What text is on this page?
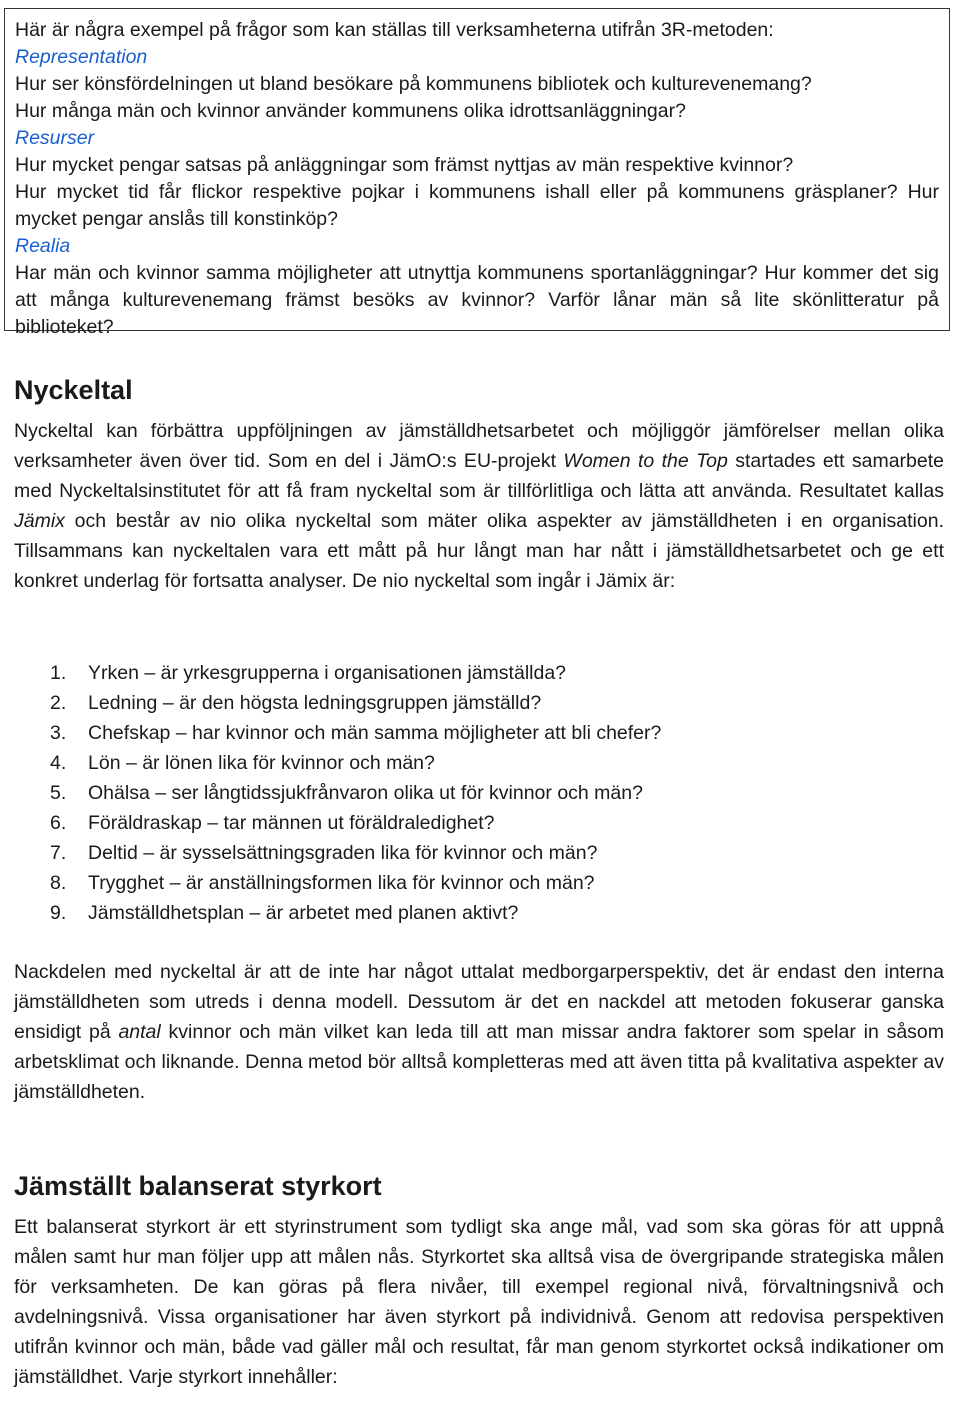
Här är några exempel på frågor som kan ställas till verksamheterna utifrån 3R-metoden:

Representation

Hur ser könsfördelningen ut bland besökare på kommunens bibliotek och kulturevenemang?

Hur många män och kvinnor använder kommunens olika idrottsanläggningar?

Resurser

Hur mycket pengar satsas på anläggningar som främst nyttjas av män respektive kvinnor?

Hur mycket tid får flickor respektive pojkar i kommunens ishall eller på kommunens gräsplaner? Hur mycket pengar anslås till konstinköp?

Realia

Har män och kvinnor samma möjligheter att utnyttja kommunens sportanläggningar? Hur kommer det sig att många kulturevenemang främst besöks av kvinnor? Varför lånar män så lite skönlitteratur på biblioteket?

Nyckeltal

Nyckeltal kan förbättra uppföljningen av jämställdhetsarbetet och möjliggör jämförelser mellan olika verksamheter även över tid. Som en del i JämO:s EU-projekt Women to the Top startades ett samarbete med Nyckeltalsinstitutet för att få fram nyckeltal som är tillförlitliga och lätta att använda. Resultatet kallas Jämix och består av nio olika nyckeltal som mäter olika aspekter av jämställdheten i en organisation. Tillsammans kan nyckeltalen vara ett mått på hur långt man har nått i jämställdhetsarbetet och ge ett konkret underlag för fortsatta analyser. De nio nyckeltal som ingår i Jämix är:

1.	Yrken – är yrkesgrupperna i organisationen jämställda?
2.	Ledning – är den högsta ledningsgruppen jämställd?
3.	Chefskap – har kvinnor och män samma möjligheter att bli chefer?
4.	Lön – är lönen lika för kvinnor och män?
5.	Ohälsa – ser långtidssjukfrånvaron olika ut för kvinnor och män?
6.	Föräldraskap – tar männen ut föräldraledighet?
7.	Deltid – är sysselsättningsgraden lika för kvinnor och män?
8.	Trygghet – är anställningsformen lika för kvinnor och män?
9.	Jämställdhetsplan – är arbetet med planen aktivt?

Nackdelen med nyckeltal är att de inte har något uttalat medborgarperspektiv, det är endast den interna jämställdheten som utreds i denna modell. Dessutom är det en nackdel att metoden fokuserar ganska ensidigt på antal kvinnor och män vilket kan leda till att man missar andra faktorer som spelar in såsom arbetsklimat och liknande. Denna metod bör alltså kompletteras med att även titta på kvalitativa aspekter av jämställdheten.

Jämställt balanserat styrkort

Ett balanserat styrkort är ett styrinstrument som tydligt ska ange mål, vad som ska göras för att uppnå målen samt hur man följer upp att målen nås. Styrkortet ska alltså visa de övergripande strategiska målen för verksamheten. De kan göras på flera nivåer, till exempel regional nivå, förvaltningsnivå och avdelningsnivå. Vissa organisationer har även styrkort på individnivå. Genom att redovisa perspektiven utifrån kvinnor och män, både vad gäller mål och resultat, får man genom styrkortet också indikationer om jämställdhet. Varje styrkort innehåller:
